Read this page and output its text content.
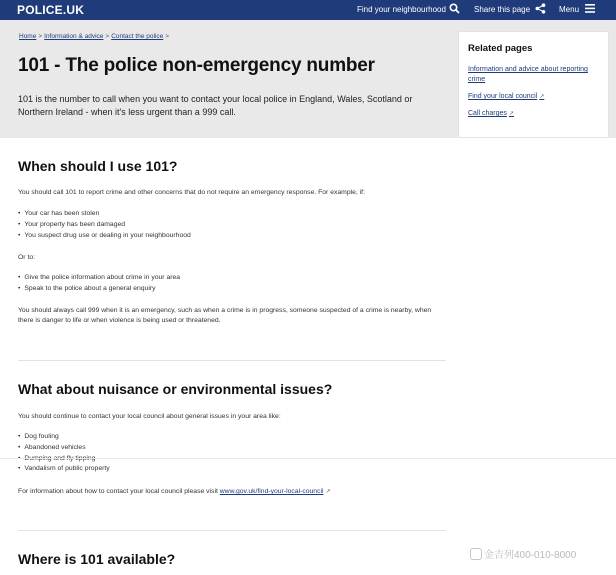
POLICE.UK	Find your neighbourhood	Share this page	Menu
Home > Information & advice > Contact the police >
101 - The police non-emergency number
101 is the number to call when you want to contact your local police in England, Wales, Scotland or Northern Ireland - when it's less urgent than a 999 call.
Related pages
Information and advice about reporting crime
Find your local council ↗
Call charges ↗
When should I use 101?
You should call 101 to report crime and other concerns that do not require an emergency response. For example, if:
• Your car has been stolen
• Your property has been damaged
• You suspect drug use or dealing in your neighbourhood
Or to:
• Give the police information about crime in your area
• Speak to the police about a general enquiry
You should always call 999 when it is an emergency, such as when a crime is in progress, someone suspected of a crime is nearby, when there is danger to life or when violence is being used or threatened.
What about nuisance or environmental issues?
You should continue to contact your local council about general issues in your area like:
• Dog fouling
• Abandoned vehicles
•
• Vandalism of public property
For information about how to contact your local council please visit www.gov.uk/find-your-local-council ↗
Where is 101 available?	金吉列400-010-8000
